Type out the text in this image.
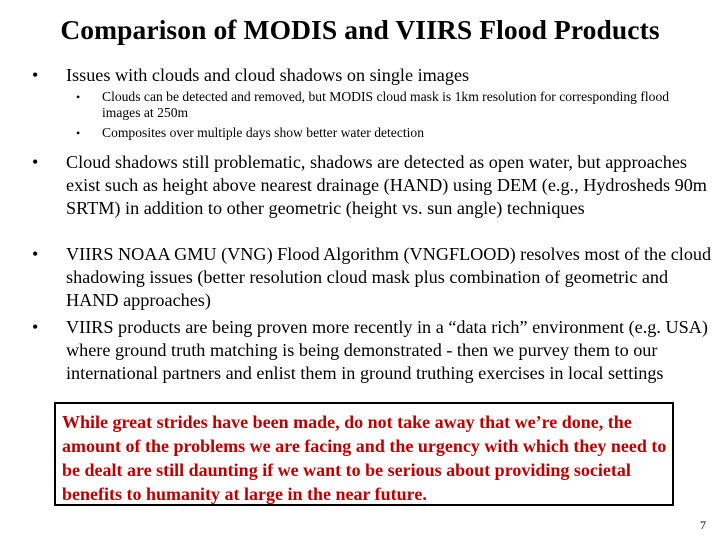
Comparison of MODIS and VIIRS Flood Products
•	Issues with clouds and cloud shadows on single images

•	Clouds can be detected and removed, but MODIS cloud mask is 1km resolution for corresponding flood images at 250m

•	Composites over multiple days show better water detection

•	Cloud shadows still problematic, shadows are detected as open water, but approaches exist such as height above nearest drainage (HAND) using DEM (e.g., Hydrosheds 90m SRTM) in addition to other geometric (height vs. sun angle) techniques

•	VIIRS NOAA GMU (VNG) Flood Algorithm (VNGFLOOD) resolves most of the cloud shadowing issues (better resolution cloud mask plus combination of geometric and HAND approaches)

•	VIIRS products are being proven more recently in a “data rich” environment (e.g. USA) where ground truth matching is being demonstrated - then we purvey them to our international partners and enlist them in ground truthing exercises in local settings

While great strides have been made, do not take away that we’re done, the amount of the problems we are facing and the urgency with which they need to be dealt are still daunting if we want to be serious about providing societal benefits to humanity at large in the near future.
7
